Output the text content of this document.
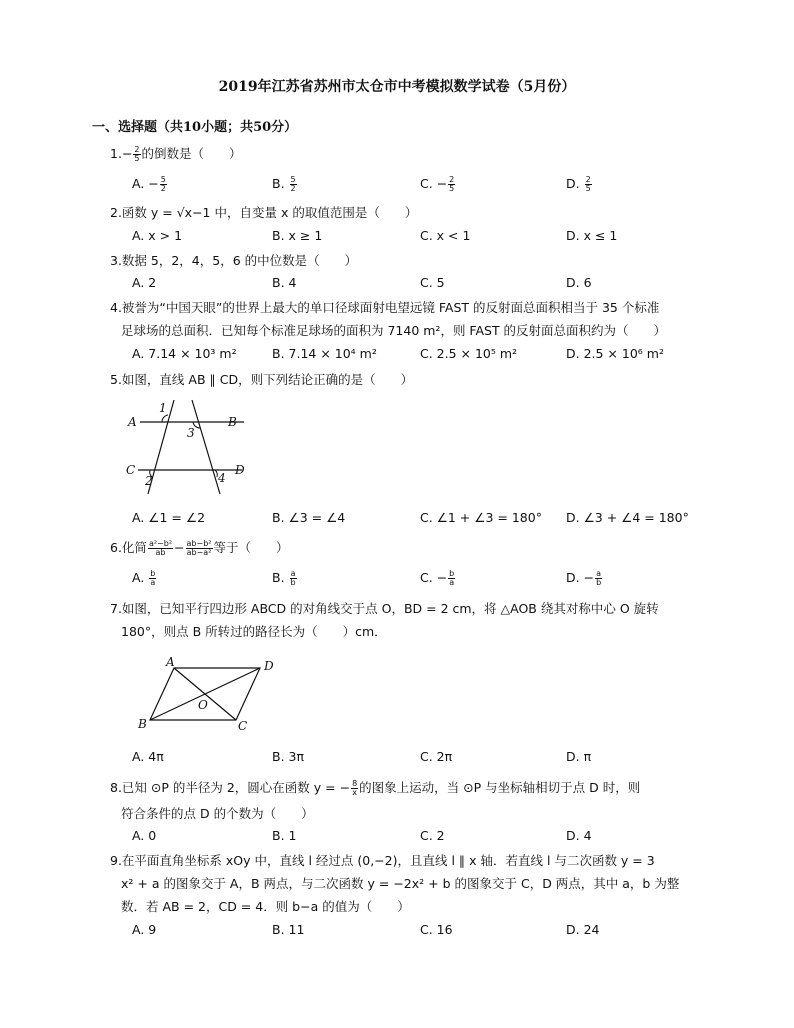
2019年江苏省苏州市太仓市中考模拟数学试卷（5月份）
一、选择题（共10小题；共50分）
$1.- \frac{2}{5}$ 的倒数是（　　）
A. − $\frac{5}{2}$	B. $\frac{5}{2}$	C. − $\frac{2}{5}$	D. $\frac{2}{5}$
2.函数 y = √x−1 中，自变量 x 的取值范围是（　　）
A. x > 1	B. x ≥ 1	C. x < 1	D. x ≤ 1
3.数据 5，2，4，5，6 的中位数是（　　）
A. 2	B. 4	C. 5	D. 6
4.被誉为“中国天眼”的世界上最大的单口径球面射电望远镜 FAST 的反射面总面积相当于 35 个标准
足球场的总面积．已知每个标准足球场的面积为 7140 m²，则 FAST 的反射面总面积约为（　　）
A. 7.14 × 10³ m²	B. 7.14 × 10⁴ m²	C. 2.5 × 10⁵ m²	D. 2.5 × 10⁶ m²
5.如图，直线 AB ∥ CD，则下列结论正确的是（　　）
A	B
C	D
1
3
2	4
A. ∠1 = ∠2	B. ∠3 = ∠4	C. ∠1 + ∠3 = 180° D. ∠3 + ∠4 = 180°
6.化简 $\frac{\text{a²−b²}}{ab} - \frac{\text{ab−b²}}{\text{ab−a²}}$ 等于（　　）
A. $\frac{b}{a}$	B. $\frac{a}{b}$	C. − $\frac{b}{a}$	D. − $\frac{a}{b}$
7.如图，已知平行四边形 ABCD 的对角线交于点 O，BD = 2 cm，将 △AOB 绕其对称中心 O 旋转
180°，则点 B 所转过的路径长为（　　）cm．
A	D
B	C
O
A. 4π	B. 3π	C. 2π	D. π
8.已知 ⊙P 的半径为 2，圆心在函数 y = − $\frac{8}{x}$ 的图象上运动，当 ⊙P 与坐标轴相切于点 D 时，则
符合条件的点 D 的个数为（　　）
A. 0	B. 1	C. 2	D. 4
9.在平面直角坐标系 xOy 中，直线 l 经过点 (0,−2)，且直线 l ∥ x 轴．若直线 l 与二次函数 y = 3
x² + a 的图象交于 A，B 两点，与二次函数 y = −2x² + b 的图象交于 C，D 两点，其中 a，b 为整
数．若 AB = 2，CD = 4．则 b−a 的值为（　　）
A. 9	B. 11	C. 16	D. 24
